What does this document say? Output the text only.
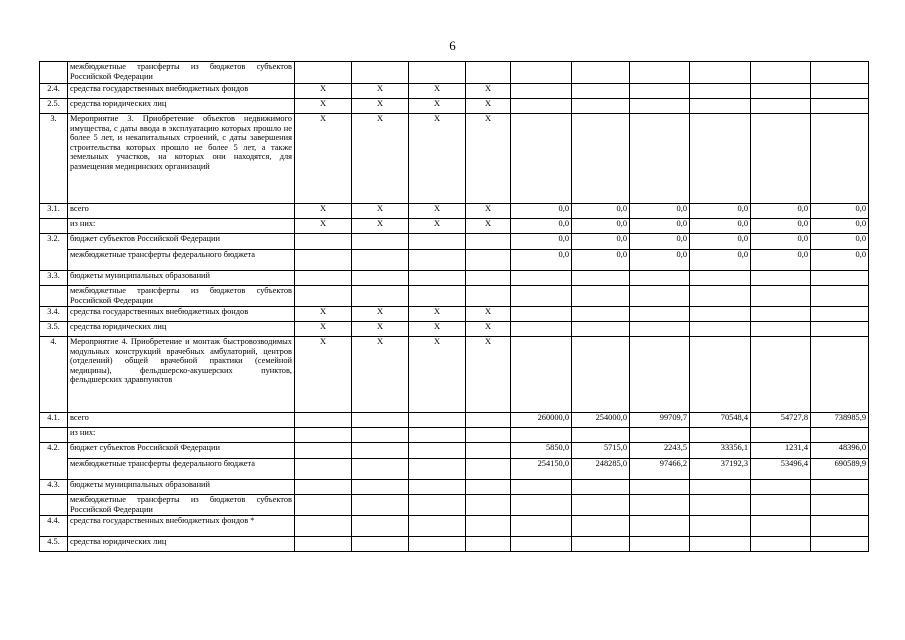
6
	межбюджетные трансферты из бюджетов субъектов Российской Федерации										
2.4.	средства государственных внебюджетных фондов	X	X	X	X						
2.5.	средства юридических лиц	X	X	X	X						
3.	Мероприятие 3. Приобретение объектов недвижимого имущества, с даты ввода в эксплуатацию которых прошло не более 5 лет, и некапитальных строений, с даты завершения строительства которых прошло не более 5 лет, а также земельных участков, на которых они находятся, для размещения медицинских организаций	X	X	X	X						
3.1.	всего	X	X	X	X	0,0	0,0	0,0	0,0	0,0	0,0
	из них:	X	X	X	X	0,0	0,0	0,0	0,0	0,0	0,0
3.2.	бюджет субъектов Российской Федерации					0,0	0,0	0,0	0,0	0,0	0,0
	межбюджетные трансферты федерального бюджета					0,0	0,0	0,0	0,0	0,0	0,0
3.3.	бюджеты муниципальных образований										
	межбюджетные трансферты из бюджетов субъектов Российской Федерации										
3.4.	средства государственных внебюджетных фондов	X	X	X	X						
3.5.	средства юридических лиц	X	X	X	X						
4.	Мероприятие 4. Приобретение и монтаж быстровозводимых модульных конструкций врачебных амбулаторий, центров (отделений) общей врачебной практики (семейной медицины), фельдшерско-акушерских пунктов, фельдшерских здравпунктов	X	X	X	X						
4.1.	всего					260000,0	254000,0	99709,7	70548,4	54727,8	738985,9
	из них:										
4.2.	бюджет субъектов Российской Федерации					5850,0	5715,0	2243,5	33356,1	1231,4	48396,0
	межбюджетные трансферты федерального бюджета					254150,0	248285,0	97466,2	37192,3	53496,4	690589,9
4.3.	бюджеты муниципальных образований										
	межбюджетные трансферты из бюджетов субъектов Российской Федерации										
4.4.	средства государственных внебюджетных фондов *										
4.5.	средства юридических лиц										
